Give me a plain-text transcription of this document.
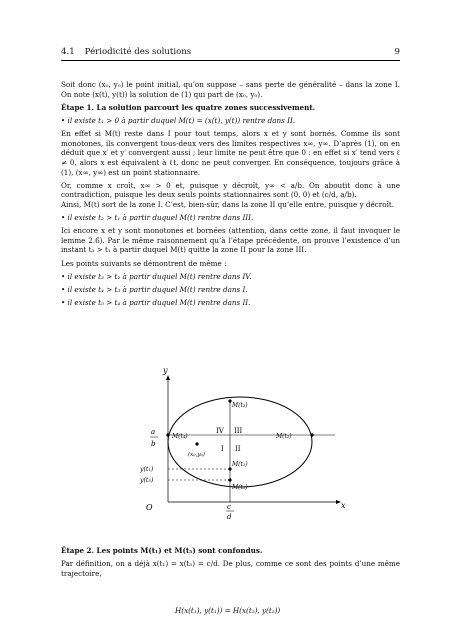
4.1 Périodicité des solutions	9

Soit donc (x₀, y₀) le point initial, qu’on suppose – sans perte de généralité – dans la zone I. On note (x(t), y(t)) la solution de (1) qui part de (x₀, y₀).

Étape 1. La solution parcourt les quatre zones successivement.

• il existe t₁ > 0 à partir duquel M(t) = (x(t), y(t)) rentre dans II.

En effet si M(t) reste dans I pour tout temps, alors x et y sont bornés. Comme ils sont monotones, ils convergent tous-deux vers des limites respectives x∞, y∞. D’après (1), on en déduit que x′ et y′ convergent aussi ; leur limite ne peut être que 0 : en effet si x′ tend vers ℓ ≠ 0, alors x est équivalent à ℓt, donc ne peut converger. En conséquence, toujours grâce à (1), (x∞, y∞) est un point stationnaire.

Or, comme x croît, x∞ > 0 et, puisque y décroît, y∞ < a/b. On aboutit donc à une contradiction, puisque les deux seuls points stationnaires sont (0, 0) et (c/d, a/b).

Ainsi, M(t) sort de la zone I. C’est, bien-sûr, dans la zone II qu’elle entre, puisque y décroît.

• il existe t₂ > t₁ à partir duquel M(t) rentre dans III.

Ici encore x et y sont monotones et bornées (attention, dans cette zone, il faut invoquer le lemme 2.6). Par le même raisonnement qu’à l’étape précédente, on prouve l’existence d’un instant t₃ > t₁ à partir duquel M(t) quitte la zone II pour la zone III.

Les points suivants se démontrent de même :

• il existe t₃ > t₂ à partir duquel M(t) rentre dans IV.

• il existe t₄ > t₃ à partir duquel M(t) rentre dans I.

• il existe t₅ > t₄ à partir duquel M(t) rentre dans II.

y
x
O
a
b
c
d
IV III
I II
y(t₁)
y(t₅)
M(t₁)
M(t₅)
M(t₂)
M(t₃)
M(t₄)
(x₀,y₀)

Étape 2. Les points M(t₁) et M(t₅) sont confondus.

Par définition, on a déjà x(t₁) = x(t₅) = c/d. De plus, comme ce sont des points d’une même trajectoire,

H(x(t₁), y(t₁)) = H(x(t₅), y(t₅))
